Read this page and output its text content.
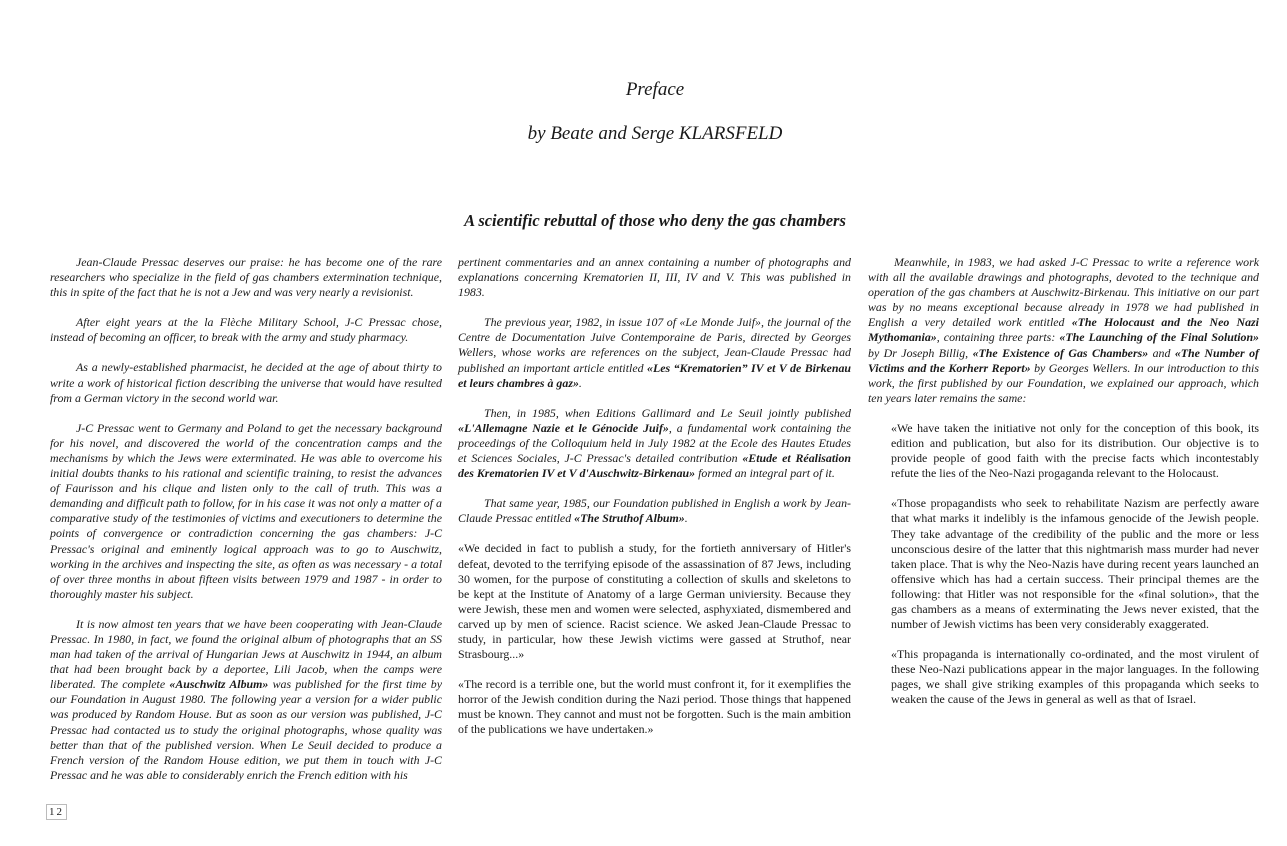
Preface
by Beate and Serge KLARSFELD
A scientific rebuttal of those who deny the gas chambers

Jean-Claude Pressac deserves our praise: he has become one of the rare researchers who specialize in the field of gas chambers extermination technique, this in spite of the fact that he is not a Jew and was very nearly a revisionist.

After eight years at the la Flèche Military School, J-C Pressac chose, instead of becoming an officer, to break with the army and study pharmacy.

As a newly-established pharmacist, he decided at the age of about thirty to write a work of historical fiction describing the universe that would have resulted from a German victory in the second world war.

J-C Pressac went to Germany and Poland to get the necessary background for his novel, and discovered the world of the concentration camps and the mechanisms by which the Jews were exterminated. He was able to overcome his initial doubts thanks to his rational and scientific training, to resist the advances of Faurisson and his clique and listen only to the call of truth. This was a demanding and difficult path to follow, for in his case it was not only a matter of a comparative study of the testimonies of victims and executioners to determine the points of convergence or contradiction concerning the gas chambers: J-C Pressac's original and eminently logical approach was to go to Auschwitz, working in the archives and inspecting the site, as often as was necessary - a total of over three months in about fifteen visits between 1979 and 1987 - in order to thoroughly master his subject.

It is now almost ten years that we have been cooperating with Jean-Claude Pressac. In 1980, in fact, we found the original album of photographs that an SS man had taken of the arrival of Hungarian Jews at Auschwitz in 1944, an album that had been brought back by a deportee, Lili Jacob, when the camps were liberated. The complete «Auschwitz Album» was published for the first time by our Foundation in August 1980. The following year a version for a wider public was produced by Random House. But as soon as our version was published, J-C Pressac had contacted us to study the original photographs, whose quality was better than that of the published version. When Le Seuil decided to produce a French version of the Random House edition, we put them in touch with J-C Pressac and he was able to considerably enrich the French edition with his

pertinent commentaries and an annex containing a number of photographs and explanations concerning Krematorien II, III, IV and V. This was published in 1983.

The previous year, 1982, in issue 107 of «Le Monde Juif», the journal of the Centre de Documentation Juive Contemporaine de Paris, directed by Georges Wellers, whose works are references on the subject, Jean-Claude Pressac had published an important article entitled «Les “Krematorien” IV et V de Birkenau et leurs chambres à gaz».

Then, in 1985, when Editions Gallimard and Le Seuil jointly published «L'Allemagne Nazie et le Génocide Juif», a fundamental work containing the proceedings of the Colloquium held in July 1982 at the Ecole des Hautes Etudes et Sciences Sociales, J-C Pressac's detailed contribution «Etude et Réalisation des Krematorien IV et V d'Auschwitz-Birkenau» formed an integral part of it.

That same year, 1985, our Foundation published in English a work by Jean-Claude Pressac entitled «The Struthof Album».

«We decided in fact to publish a study, for the fortieth anniversary of Hitler's defeat, devoted to the terrifying episode of the assassination of 87 Jews, including 30 women, for the purpose of constituting a collection of skulls and skeletons to be kept at the Institute of Anatomy of a large German univiersity. Because they were Jewish, these men and women were selected, asphyxiated, dismembered and carved up by men of science. Racist science. We asked Jean-Claude Pressac to study, in particular, how these Jewish victims were gassed at Struthof, near Strasbourg...»

«The record is a terrible one, but the world must confront it, for it exemplifies the horror of the Jewish condition during the Nazi period. Those things that happened must be known. They cannot and must not be forgotten. Such is the main ambition of the publications we have undertaken.»

Meanwhile, in 1983, we had asked J-C Pressac to write a reference work with all the available drawings and photographs, devoted to the technique and operation of the gas chambers at Auschwitz-Birkenau. This initiative on our part was by no means exceptional because already in 1978 we had published in English a very detailed work entitled «The Holocaust and the Neo Nazi Mythomania», containing three parts: «The Launching of the Final Solution» by Dr Joseph Billig, «The Existence of Gas Chambers» and «The Number of Victims and the Korherr Report» by Georges Wellers. In our introduction to this work, the first published by our Foundation, we explained our approach, which ten years later remains the same:

«We have taken the initiative not only for the conception of this book, its edition and publication, but also for its distribution. Our objective is to provide people of good faith with the precise facts which incontestably refute the lies of the Neo-Nazi progaganda relevant to the Holocaust.

«Those propagandists who seek to rehabilitate Nazism are perfectly aware that what marks it indelibly is the infamous genocide of the Jewish people. They take advantage of the credibility of the public and the more or less unconscious desire of the latter that this nightmarish mass murder had never taken place. That is why the Neo-Nazis have during recent years launched an offensive which has had a certain success. Their principal themes are the following: that Hitler was not responsible for the «final solution», that the gas chambers as a means of exterminating the Jews never existed, that the number of Jewish victims has been very considerably exaggerated.

«This propaganda is internationally co-ordinated, and the most virulent of these Neo-Nazi publications appear in the major languages. In the following pages, we shall give striking examples of this propaganda which seeks to weaken the cause of the Jews in general as well as that of Israel.

12
